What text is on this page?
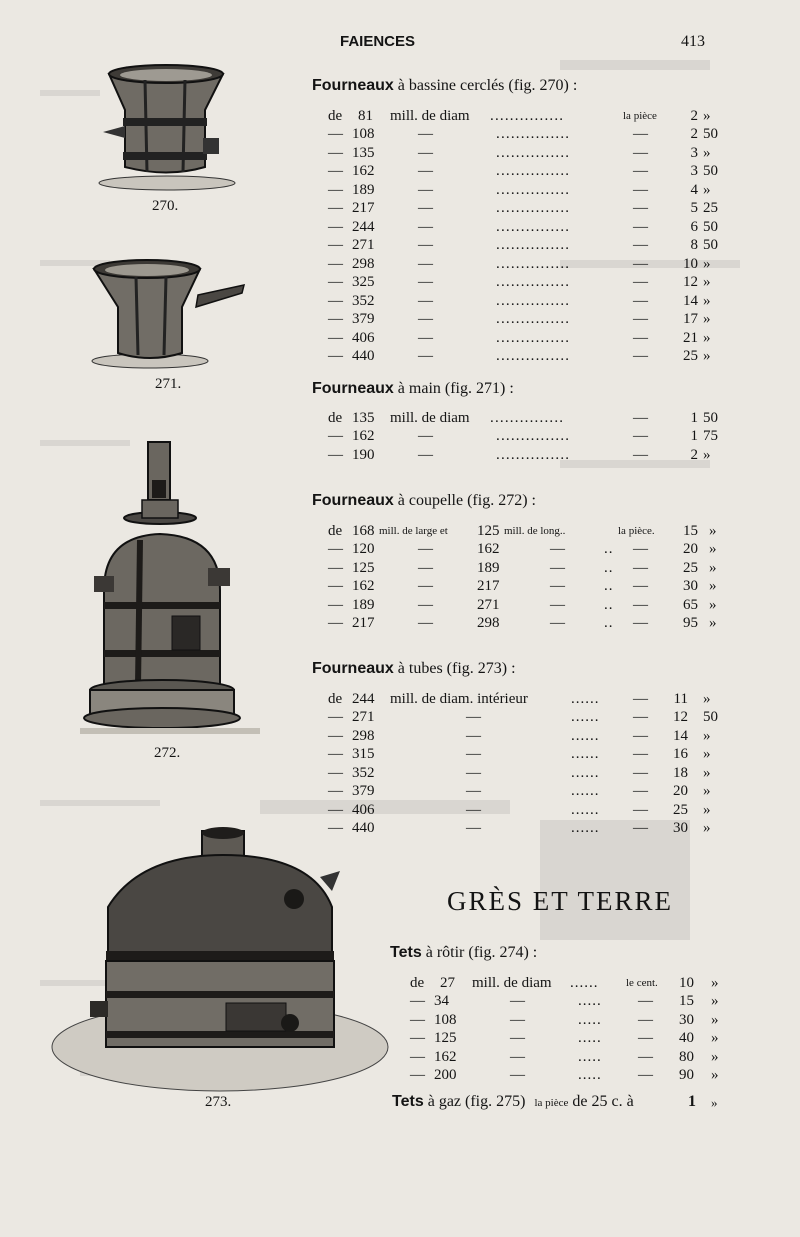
FAIENCES	413
270.
271.
272.
273.
Fourneaux à bassine cerclés (fig. 270) :
de 81 mill. de diam ...............	la pièce	2 »
— 108	—	...............	—	2 50
— 135	—	...............	—	3 »
— 162	—	...............	—	3 50
— 189	—	...............	—	4 »
— 217	—	...............	—	5 25
— 244	—	...............	—	6 50
— 271	—	...............	—	8 50
— 298	—	...............	—	10 »
— 325	—	...............	—	12 »
— 352	—	...............	—	14 »
— 379	—	...............	—	17 »
— 406	—	...............	—	21 »
— 440	—	...............	—	25 »
Fourneaux à main (fig. 271) :
de 135 mill. de diam ...............	—	1 50
— 162	—	...............	—	1 75
— 190	—	...............	—	2 »
Fourneaux à coupelle (fig. 272) :
de 168 mill. de large et 125 mill. de long..	la pièce.	15 »
— 120	—	162	—	.. —	20 »
— 125	—	189	—	.. —	25 »
— 162	—	217	—	.. —	30 »
— 189	—	271	—	.. —	65 »
— 217	—	298	—	.. —	95 »
Fourneaux à tubes (fig. 273) :
de 244 mill. de diam. intérieur	...... —	11 »
— 271	—	...... —	12 50
— 298	—	...... —	14 »
— 315	—	...... —	16 »
— 352	—	...... —	18 »
— 379	—	...... —	20 »
— 406	—	...... —	25 »
— 440	—	...... —	30 »
GRÈS ET TERRE
Tets à rôtir (fig. 274) :
de 27 mill. de diam ......	le cent.	10 »
— 34	—	..... —	15 »
— 108	—	..... —	30 »
— 125	—	..... —	40 »
— 162	—	..... —	80 »
— 200	—	..... —	90 »
Tets à gaz (fig. 275) la pièce de 25 c. à	1 »
